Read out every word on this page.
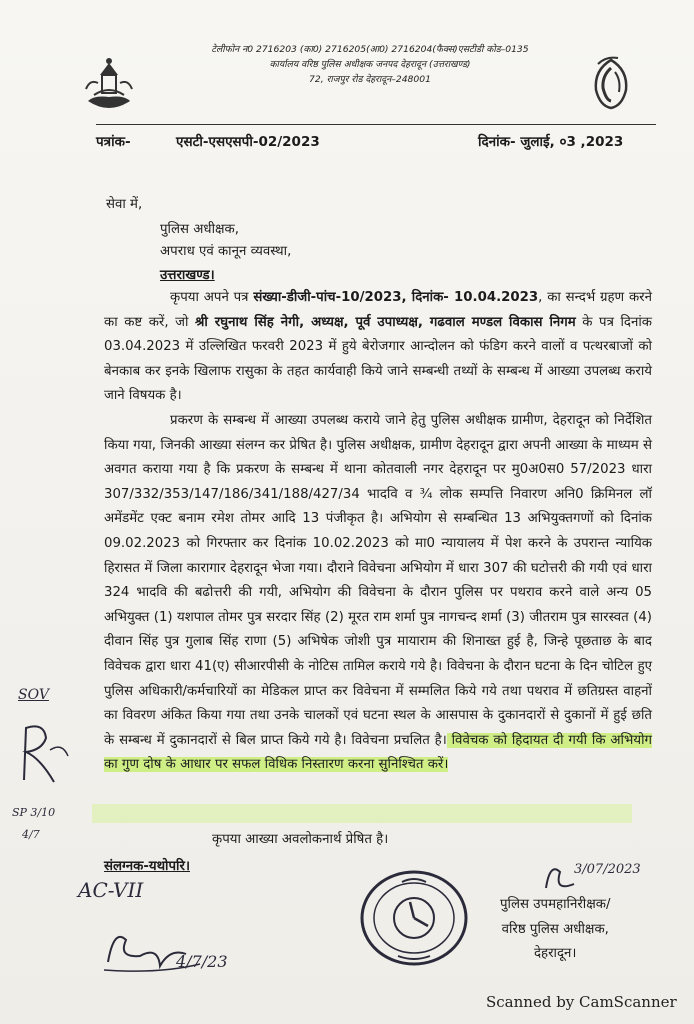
टेलीफोन न0 2716203 (का0) 2716205(आ0) 2716204(फैक्स)एसटीडी कोड–0135
कार्यालय वरिष्ठ पुलिस अधीक्षक जनपद देहरादून (उत्तराखण्ड)
72, राजपुर रोड देहरादून–248001
पत्रांक-	एसटी-एसएसपी-02/2023	दिनांक- जुलाई, ०3 ,2023
सेवा में,
पुलिस अधीक्षक,
अपराध एवं कानून व्यवस्था,
उत्तराखण्ड।
कृपया अपने पत्र संख्या-डीजी-पांच-10/2023, दिनांक- 10.04.2023, का सन्दर्भ ग्रहण करने का कष्ट करें, जो श्री रघुनाथ सिंह नेगी, अध्यक्ष, पूर्व उपाध्यक्ष, गढवाल मण्डल विकास निगम के पत्र दिनांक 03.04.2023 में उल्लिखित फरवरी 2023 में हुये बेरोजगार आन्दोलन को फंडिग करने वालों व पत्थरबाजों को बेनकाब कर इनके खिलाफ रासुका के तहत कार्यवाही किये जाने सम्बन्धी तथ्यों के सम्बन्ध में आख्या उपलब्ध कराये जाने विषयक है।
प्रकरण के सम्बन्ध में आख्या उपलब्ध कराये जाने हेतु पुलिस अधीक्षक ग्रामीण, देहरादून को निर्देशित किया गया, जिनकी आख्या संलग्न कर प्रेषित है। पुलिस अधीक्षक, ग्रामीण देहरादून द्वारा अपनी आख्या के माध्यम से अवगत कराया गया है कि प्रकरण के सम्बन्ध में थाना कोतवाली नगर देहरादून पर मु0अ0स0 57/2023 धारा 307/332/353/147/186/341/188/427/34 भादवि व ¾ लोक सम्पत्ति निवारण अनि0 क्रिमिनल लॉ अमेंडमेंट एक्ट बनाम रमेश तोमर आदि 13 पंजीकृत है। अभियोग से सम्बन्धित 13 अभियुक्तगणों को दिनांक 09.02.2023 को गिरफ्तार कर दिनांक 10.02.2023 को मा0 न्यायालय में पेश करने के उपरान्त न्यायिक हिरासत में जिला कारागार देहरादून भेजा गया। दौराने विवेचना अभियोग में धारा 307 की घटोत्तरी की गयी एवं धारा 324 भादवि की बढोत्तरी की गयी, अभियोग की विवेचना के दौरान पुलिस पर पथराव करने वाले अन्य 05 अभियुक्त (1) यशपाल तोमर पुत्र सरदार सिंह (2) मूरत राम शर्मा पुत्र नागचन्द शर्मा (3) जीतराम पुत्र सारस्वत (4) दीवान सिंह पुत्र गुलाब सिंह राणा (5) अभिषेक जोशी पुत्र मायाराम की शिनाख्त हुई है, जिन्हे पूछताछ के बाद विवेचक द्वारा धारा 41(ए) सीआरपीसी के नोटिस तामिल कराये गये है। विवेचना के दौरान घटना के दिन चोटिल हुए पुलिस अधिकारी/कर्मचारियों का मेडिकल प्राप्त कर विवेचना में सम्मलित किये गये तथा पथराव में छतिग्रस्त वाहनों का विवरण अंकित किया गया तथा उनके चालकों एवं घटना स्थल के आसपास के दुकानदारों से दुकानों में हुई छति के सम्बन्ध में दुकानदारों से बिल प्राप्त किये गये है। विवेचना प्रचलित है। विवेचक को हिदायत दी गयी कि अभियोग का गुण दोष के आधार पर सफल विधिक निस्तारण करना सुनिश्चित करें।
कृपया आख्या अवलोकनार्थ प्रेषित है।
संलग्नक-यथोपरि।
SOV
SP 3/10
4/7
AC-VII
4/7/23
3/07/2023
पुलिस उपमहानिरीक्षक/
वरिष्ठ पुलिस अधीक्षक,
देहरादून।
Scanned by CamScanner
